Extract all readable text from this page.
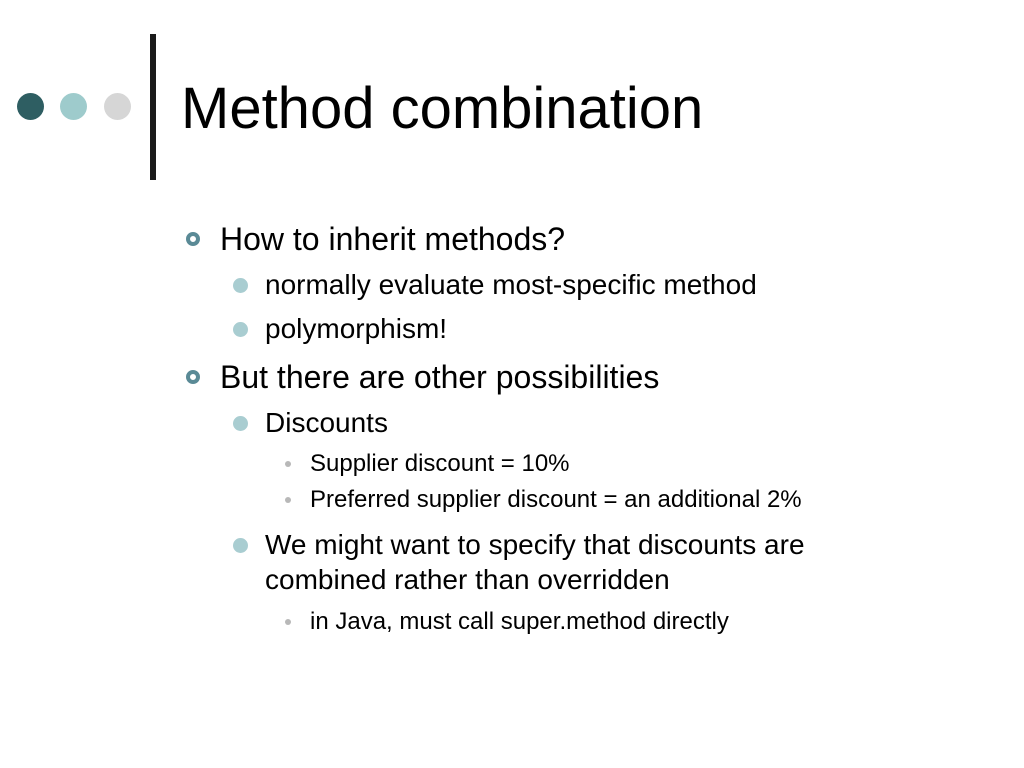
Method combination
How to inherit methods?
normally evaluate most-specific method
polymorphism!
But there are other possibilities
Discounts
Supplier discount = 10%
Preferred supplier discount = an additional 2%
We might want to specify that discounts are
combined rather than overridden
in Java, must call super.method directly
